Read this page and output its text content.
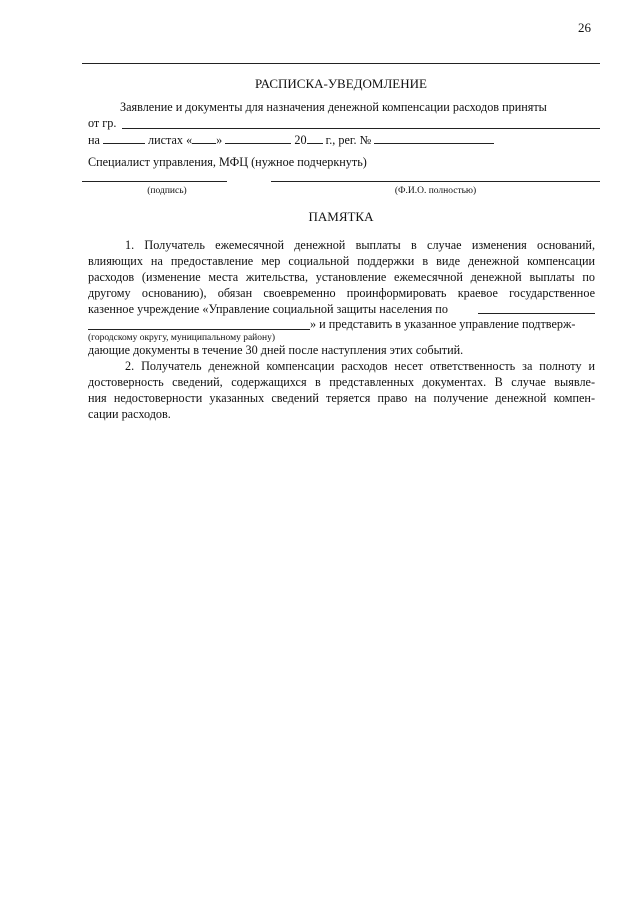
26
РАСПИСКА-УВЕДОМЛЕНИЕ
Заявление и документы для назначения денежной компенсации расходов приняты
от гр.
на	листах « »	20 г., рег. №
Специалист управления, МФЦ (нужное подчеркнуть)
(подпись)	(Ф.И.О. полностью)
ПАМЯТКА
1. Получатель ежемесячной денежной выплаты в случае изменения оснований,
влияющих на предоставление мер социальной поддержки в виде денежной компенсации
расходов (изменение места жительства, установление ежемесячной денежной выплаты по
другому основанию), обязан своевременно проинформировать краевое государственное
казенное учреждение «Управление социальной защиты населения по
» и представить в указанное управление подтверж-
(городскому округу, муниципальному району)
дающие документы в течение 30 дней после наступления этих событий.
2. Получатель денежной компенсации расходов несет ответственность за полноту и
достоверность сведений, содержащихся в представленных документах. В случае выявле-
ния недостоверности указанных сведений теряется право на получение денежной компен-
сации расходов.
